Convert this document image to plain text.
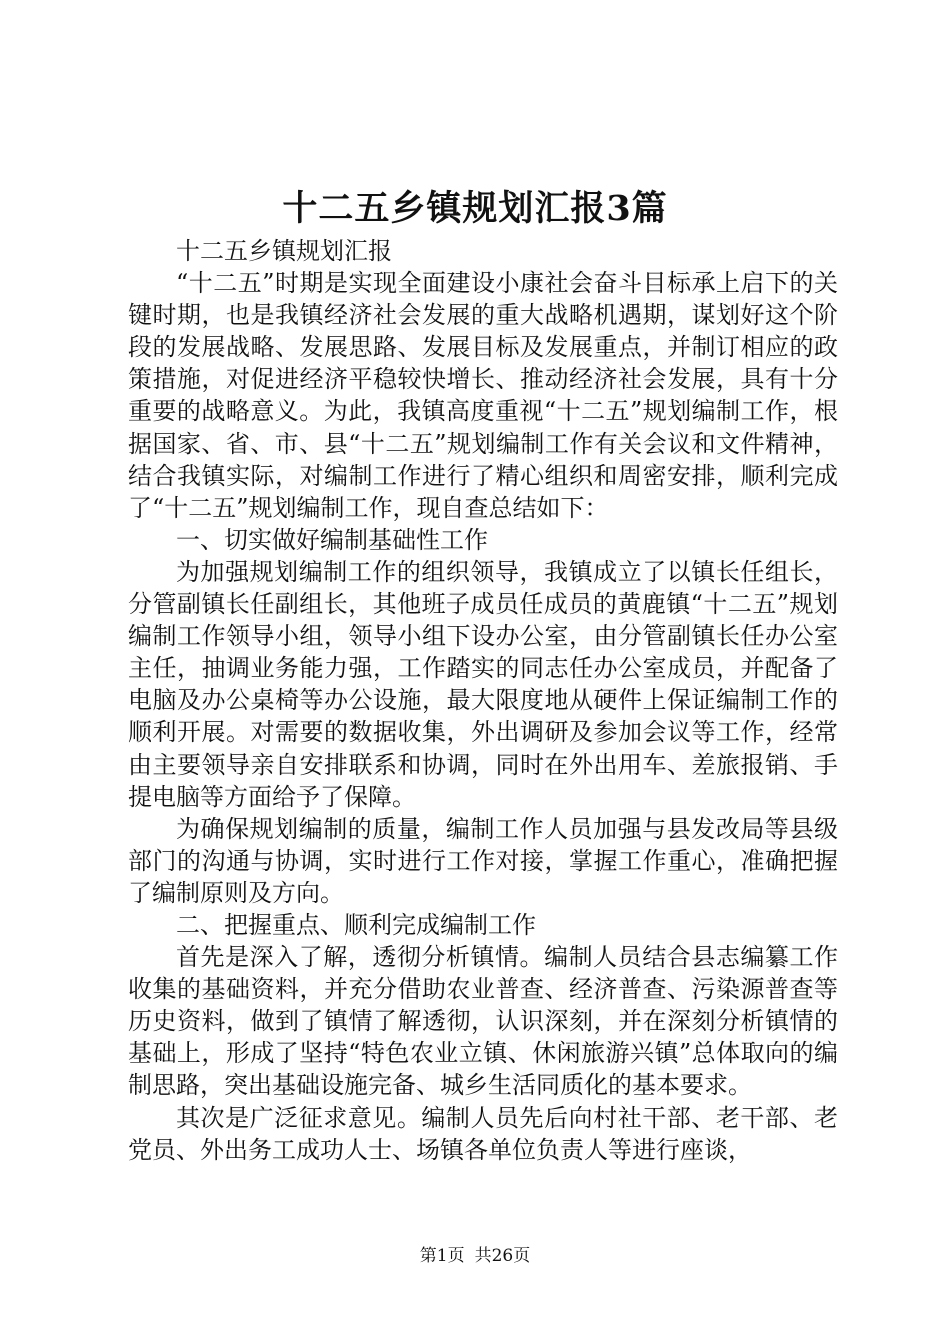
十二五乡镇规划汇报3篇

十二五乡镇规划汇报

“十二五”时期是实现全面建设小康社会奋斗目标承上启下的关键时期，也是我镇经济社会发展的重大战略机遇期，谋划好这个阶段的发展战略、发展思路、发展目标及发展重点，并制订相应的政策措施，对促进经济平稳较快增长、推动经济社会发展，具有十分重要的战略意义。为此，我镇高度重视“十二五”规划编制工作，根据国家、省、市、县“十二五”规划编制工作有关会议和文件精神，结合我镇实际，对编制工作进行了精心组织和周密安排，顺利完成了“十二五”规划编制工作，现自查总结如下：

一、切实做好编制基础性工作

为加强规划编制工作的组织领导，我镇成立了以镇长任组长，分管副镇长任副组长，其他班子成员任成员的黄鹿镇“十二五”规划编制工作领导小组，领导小组下设办公室，由分管副镇长任办公室主任，抽调业务能力强，工作踏实的同志任办公室成员，并配备了电脑及办公桌椅等办公设施，最大限度地从硬件上保证编制工作的顺利开展。对需要的数据收集，外出调研及参加会议等工作，经常由主要领导亲自安排联系和协调，同时在外出用车、差旅报销、手提电脑等方面给予了保障。

为确保规划编制的质量，编制工作人员加强与县发改局等县级部门的沟通与协调，实时进行工作对接，掌握工作重心，准确把握了编制原则及方向。

二、把握重点、顺利完成编制工作

首先是深入了解，透彻分析镇情。编制人员结合县志编纂工作收集的基础资料，并充分借助农业普查、经济普查、污染源普查等历史资料，做到了镇情了解透彻，认识深刻，并在深刻分析镇情的基础上，形成了坚持“特色农业立镇、休闲旅游兴镇”总体取向的编制思路，突出基础设施完备、城乡生活同质化的基本要求。

其次是广泛征求意见。编制人员先后向村社干部、老干部、老党员、外出务工成功人士、场镇各单位负责人等进行座谈，

第1页 共26页
